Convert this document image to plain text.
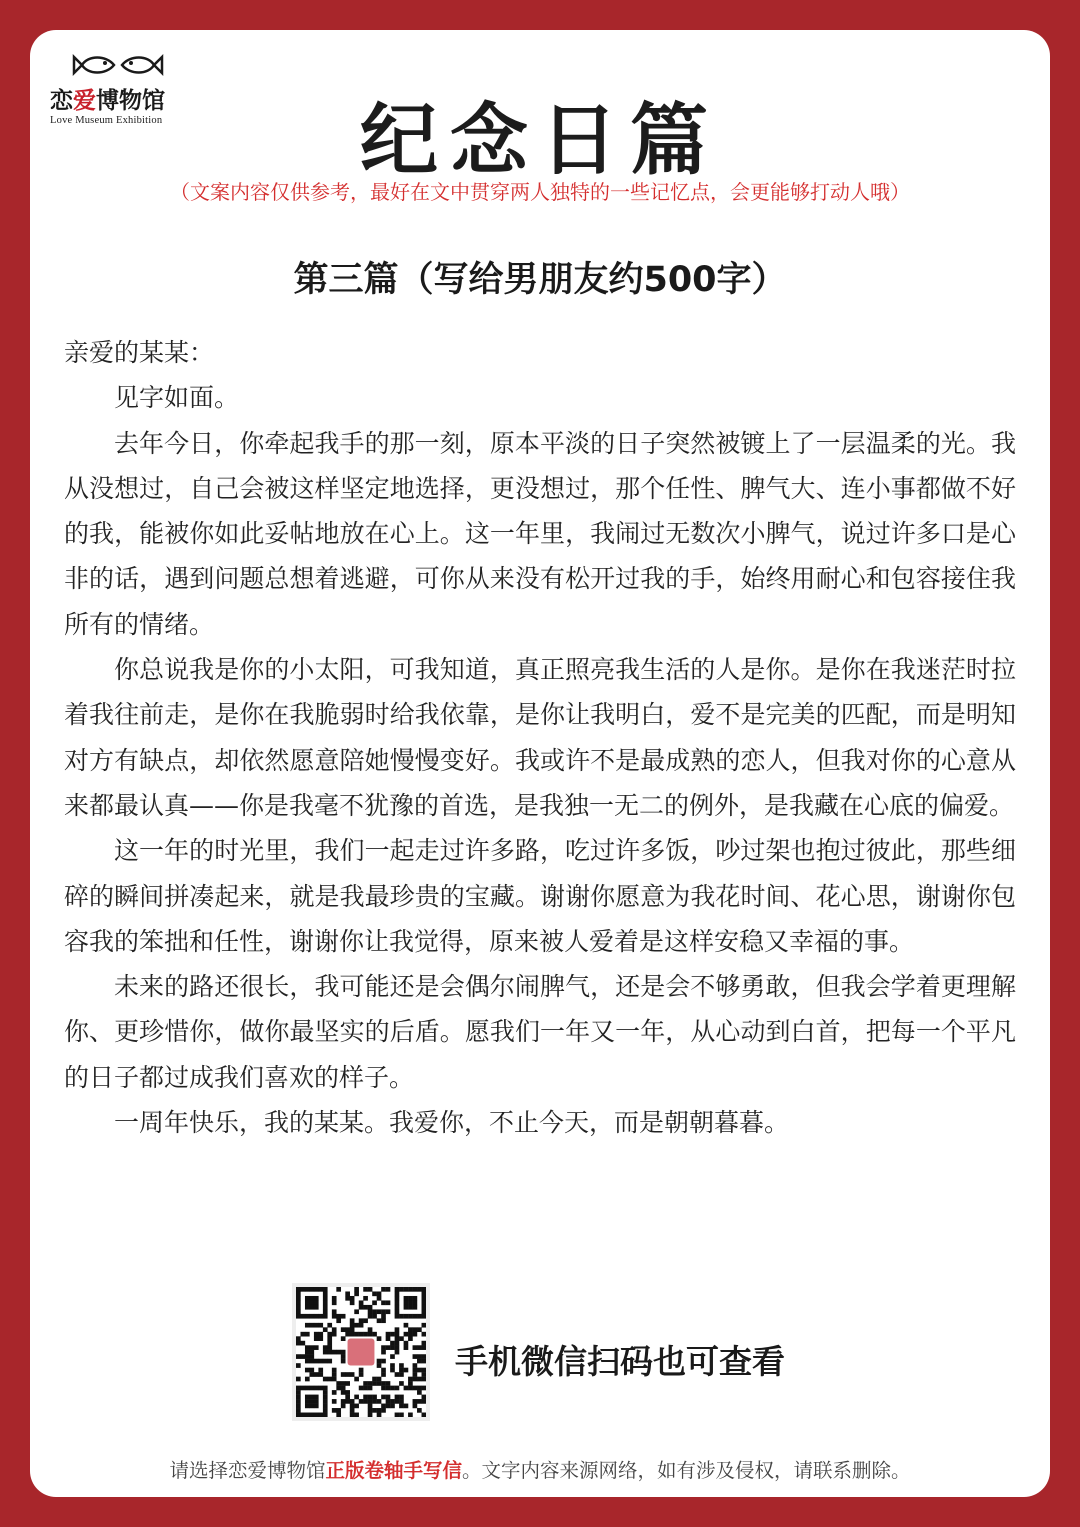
恋爱博物馆
Love Museum Exhibition	纪念日篇
（文案内容仅供参考，最好在文中贯穿两人独特的一些记忆点，会更能够打动人哦）
第三篇（写给男朋友约500字）

亲爱的某某：

见字如面。

去年今日，你牵起我手的那一刻，原本平淡的日子突然被镀上了一层温柔的光。我从没想过，自己会被这样坚定地选择，更没想过，那个任性、脾气大、连小事都做不好的我，能被你如此妥帖地放在心上。这一年里，我闹过无数次小脾气，说过许多口是心非的话，遇到问题总想着逃避，可你从来没有松开过我的手，始终用耐心和包容接住我所有的情绪。

你总说我是你的小太阳，可我知道，真正照亮我生活的人是你。是你在我迷茫时拉着我往前走，是你在我脆弱时给我依靠，是你让我明白，爱不是完美的匹配，而是明知对方有缺点，却依然愿意陪她慢慢变好。我或许不是最成熟的恋人，但我对你的心意从来都最认真——你是我毫不犹豫的首选，是我独一无二的例外，是我藏在心底的偏爱。

这一年的时光里，我们一起走过许多路，吃过许多饭，吵过架也抱过彼此，那些细碎的瞬间拼凑起来，就是我最珍贵的宝藏。谢谢你愿意为我花时间、花心思，谢谢你包容我的笨拙和任性，谢谢你让我觉得，原来被人爱着是这样安稳又幸福的事。

未来的路还很长，我可能还是会偶尔闹脾气，还是会不够勇敢，但我会学着更理解你、更珍惜你，做你最坚实的后盾。愿我们一年又一年，从心动到白首，把每一个平凡的日子都过成我们喜欢的样子。

一周年快乐，我的某某。我爱你，不止今天，而是朝朝暮暮。

手机微信扫码也可查看
请选择恋爱博物馆正版卷轴手写信。文字内容来源网络，如有涉及侵权，请联系删除。
